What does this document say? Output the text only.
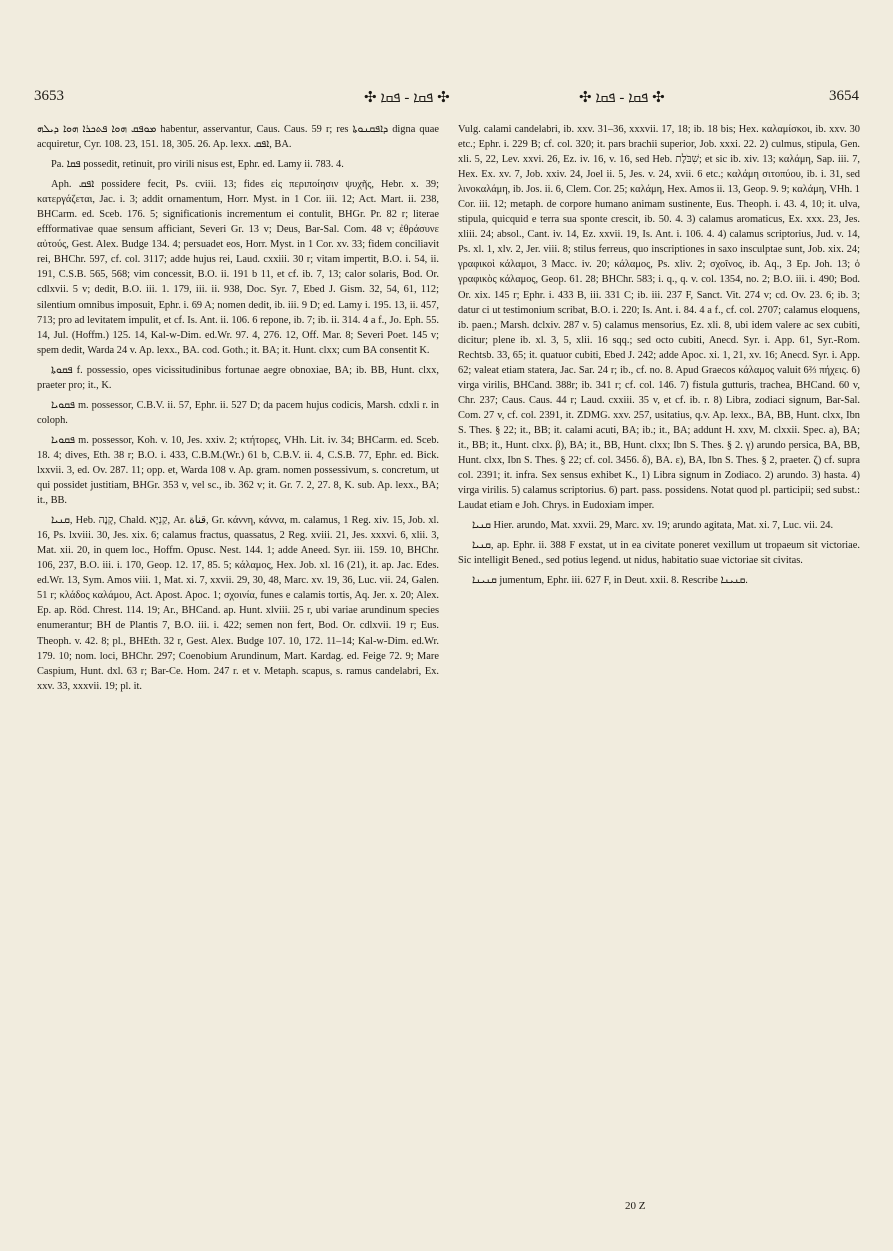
3653	✣ ܦܩܐ - ܦܩܐ ✣	✣ ܦܩܐ - ܦܩܐ ✣	3654

ܡܘܦܩ ܗܘܐ ܦܬܟܪܐ ܗܘܐ ܕܝܠܗ habentur, asservantur, Caus. Caus. 59 r; res ܕܐܦܩܢܘܬܐ digna quae acquiretur, Cyr. 108. 23, 151. 18, 305. 26. Ap. lexx. ܐܦܩ, BA.

Pa. ܦܩܐ possedit, retinuit, pro virili nisus est, Ephr. ed. Lamy ii. 783. 4.

Aph. ܐܦܩ possidere fecit, Ps. cviii. 13; fides εἰς περιποίησιν ψυχῆς, Hebr. x. 39; κατεργάζεται, Jac. i. 3; addit ornamentum, Horr. Myst. in 1 Cor. iii. 12; Act. Mart. ii. 238, BHCarm. ed. Sceb. 176. 5; significationis incrementum ei contulit, BHGr. Pr. 82 r; literae effformativae quae sensum afficiant, Severi Gr. 13 v; Deus, Bar-Sal. Com. 48 v; ἐθράσυνε αὐτούς, Gest. Alex. Budge 134. 4; persuadet eos, Horr. Myst. in 1 Cor. xv. 33; fidem conciliavit rei, BHChr. 597, cf. col. 3117; adde hujus rei, Laud. cxxiii. 30 r; vitam impertit, B.O. i. 54, ii. 191, C.S.B. 565, 568; vim concessit, B.O. ii. 191 b 11, et cf. ib. 7, 13; calor solaris, Bod. Or. cdlxvii. 5 v; dedit, B.O. iii. 1. 179, iii. ii. 938, Doc. Syr. 7, Ebed J. Gism. 32, 54, 61, 112; silentium omnibus imposuit, Ephr. i. 69 A; nomen dedit, ib. iii. 9 D; ed. Lamy i. 195. 13, ii. 457, 713; pro ad levitatem impulit, et cf. Is. Ant. ii. 106. 6 repone, ib. 7; ib. ii. 314. 4 a f., Jo. Eph. 55. 14, Jul. (Hoffm.) 125. 14, Kal-w-Dim. ed.Wr. 97. 4, 276. 12, Off. Mar. 8; Severi Poet. 145 v; spem dedit, Warda 24 v. Ap. lexx., BA. cod. Goth.; it. BA; it. Hunt. clxx; cum BA consentit K.

ܦܩܘܬܐ f. possessio, opes vicissitudinibus fortunae aegre obnoxiae, BA; ib. BB, Hunt. clxx, praeter pro; it., K.

ܦܩܘܝܐ m. possessor, C.B.V. ii. 57, Ephr. ii. 527 D; da pacem hujus codicis, Marsh. cdxli r. in coloph.

ܦܩܘܝܐ m. possessor, Koh. v. 10, Jes. xxiv. 2; κτήτορες, VHh. Lit. iv. 34; BHCarm. ed. Sceb. 18. 4; dives, Eth. 38 r; B.O. i. 433, C.B.M.(Wr.) 61 b, C.B.V. ii. 4, C.S.B. 77, Ephr. ed. Bick. lxxvii. 3, ed. Ov. 287. 11; opp. et, Warda 108 v. Ap. gram. nomen possessivum, s. concretum, ut qui possidet justitiam, BHGr. 353 v, vel sc., ib. 362 v; it. Gr. 7. 2, 27. 8, K. sub. Ap. lexx., BA; it., BB.

ܩܢܝܐ, Heb. קָנֶה, Chald. קַנְיָא, Ar. قناة, Gr. κάννη, κάννα, m. calamus, 1 Reg. xiv. 15, Job. xl. 16, Ps. lxviii. 30, Jes. xix. 6; calamus fractus, quassatus, 2 Reg. xviii. 21, Jes. xxxvi. 6, xlii. 3, Mat. xii. 20, in quem loc., Hoffm. Opusc. Nest. 144. 1; adde Aneed. Syr. iii. 159. 10, BHChr. 106, 237, B.O. iii. i. 170, Geop. 12. 17, 85. 5; κάλαμος, Hex. Job. xl. 16 (21), it. ap. Jac. Edes. ed.Wr. 13, Sym. Amos viii. 1, Mat. xi. 7, xxvii. 29, 30, 48, Marc. xv. 19, 36, Luc. vii. 24, Galen. 51 r; κλάδος καλάμου, Act. Apost. Apoc. 1; σχοινία, funes e calamis tortis, Aq. Jer. x. 20; Alex. Ep. ap. Röd. Chrest. 114. 19; Ar., BHCand. ap. Hunt. xlviii. 25 r, ubi variae arundinum species enumerantur; BH de Plantis 7, B.O. iii. i. 422; semen non fert, Bod. Or. cdlxvii. 19 r; Eus. Theoph. v. 42. 8; pl., BHEth. 32 r, Gest. Alex. Budge 107. 10, 172. 11–14; Kal-w-Dim. ed.Wr. 179. 10; nom. loci, BHChr. 297; Coenobium Arundinum, Mart. Kardag. ed. Feige 72. 9; Mare Caspium, Hunt. dxl. 63 r; Bar-Ce. Hom. 247 r. et v. Metaph. scapus, s. ramus candelabri, Ex. xxv. 33, xxxvii. 19; pl. it.

Vulg. calami candelabri, ib. xxv. 31–36, xxxvii. 17, 18; ib. 18 bis; Hex. καλαμίσκοι, ib. xxv. 30 etc.; Ephr. i. 229 B; cf. col. 320; it. pars brachii superior, Job. xxxi. 22. 2) culmus, stipula, Gen. xli. 5, 22, Lev. xxvi. 26, Ez. iv. 16, v. 16, sed Heb. שִׁבֹּלֶת; et sic ib. xiv. 13; καλάμη, Sap. iii. 7, Hex. Ex. xv. 7, Job. xxiv. 24, Joel ii. 5, Jes. v. 24, xvii. 6 etc.; καλάμη σιτοπύου, ib. i. 31, sed λινοκαλάμη, ib. Jos. ii. 6, Clem. Cor. 25; καλάμη, Hex. Amos ii. 13, Geop. 9. 9; καλάμη, VHh. 1 Cor. iii. 12; metaph. de corpore humano animam sustinente, Eus. Theoph. i. 43. 4, 10; it. ulva, stipula, quicquid e terra sua sponte crescit, ib. 50. 4. 3) calamus aromaticus, Ex. xxx. 23, Jes. xliii. 24; absol., Cant. iv. 14, Ez. xxvii. 19, Is. Ant. i. 106. 4. 4) calamus scriptorius, Jud. v. 14, Ps. xl. 1, xlv. 2, Jer. viii. 8; stilus ferreus, quo inscriptiones in saxo insculptae sunt, Job. xix. 24; γραφικοὶ κάλαμοι, 3 Macc. iv. 20; κάλαμος, Ps. xliv. 2; σχοῖνος, ib. Aq., 3 Ep. Joh. 13; ὁ γραφικὸς κάλαμος, Geop. 61. 28; BHChr. 583; i. q., q. v. col. 1354, no. 2; B.O. iii. i. 490; Bod. Or. xix. 145 r; Ephr. i. 433 B, iii. 331 C; ib. iii. 237 F, Sanct. Vit. 274 v; cd. Ov. 23. 6; ib. 3; datur ci ut testimonium scribat, B.O. i. 220; Is. Ant. i. 84. 4 a f., cf. col. 2707; calamus eloquens, ib. paen.; Marsh. dclxiv. 287 v. 5) calamus mensorius, Ez. xli. 8, ubi idem valere ac sex cubiti, dicitur; plene ib. xl. 3, 5, xlii. 16 sqq.; sed octo cubiti, Anecd. Syr. i. App. 61, Syr.-Rom. Rechtsb. 33, 65; it. quatuor cubiti, Ebed J. 242; adde Apoc. xi. 1, 21, xv. 16; Anecd. Syr. i. App. 62; valeat etiam statera, Jac. Sar. 24 r; ib., cf. no. 8. Apud Graecos κάλαμος valuit 6⅔ πήχεις. 6) virga virilis, BHCand. 388r; ib. 341 r; cf. col. 146. 7) fistula gutturis, trachea, BHCand. 60 v, Chr. 237; Caus. Caus. 44 r; Laud. cxxiii. 35 v, et cf. ib. r. 8) Libra, zodiaci signum, Bar-Sal. Com. 27 v, cf. col. 2391, it. ZDMG. xxv. 257, usitatius, q.v. Ap. lexx., BA, BB, Hunt. clxx, Ibn S. Thes. § 22; it., BB; it. calami acuti, BA; ib.; it., BA; addunt H. xxv, M. clxxii. Spec. a), BA; it., BB; it., Hunt. clxx. β), BA; it., BB, Hunt. clxx; Ibn S. Thes. § 2. γ) arundo persica, BA, BB, Hunt. clxx, Ibn S. Thes. § 22; cf. col. 3456. δ), BA. ε), BA, Ibn S. Thes. § 2, praeter. ζ) cf. supra col. 2391; it. infra. Sex sensus exhibet K., 1) Libra signum in Zodiaco. 2) arundo. 3) hasta. 4) virga virilis. 5) calamus scriptorius. 6) part. pass. possidens. Notat quod pl. participii; sed subst.: Laudat etiam e Joh. Chrys. in Eudoxiam imper.

ܩܢܝܐ Hier. arundo, Mat. xxvii. 29, Marc. xv. 19; arundo agitata, Mat. xi. 7, Luc. vii. 24.

ܩܢܝܐ, ap. Ephr. ii. 388 F exstat, ut in ea civitate poneret vexillum ut tropaeum sit victoriae. Sic intelligit Bened., sed potius legend. ut nidus, habitatio suae victoriae sit civitas.

ܩܢܝܢܐ jumentum, Ephr. iii. 627 F, in Deut. xxii. 8. Rescribe ܩܢܝܢܐ.

20 Z
